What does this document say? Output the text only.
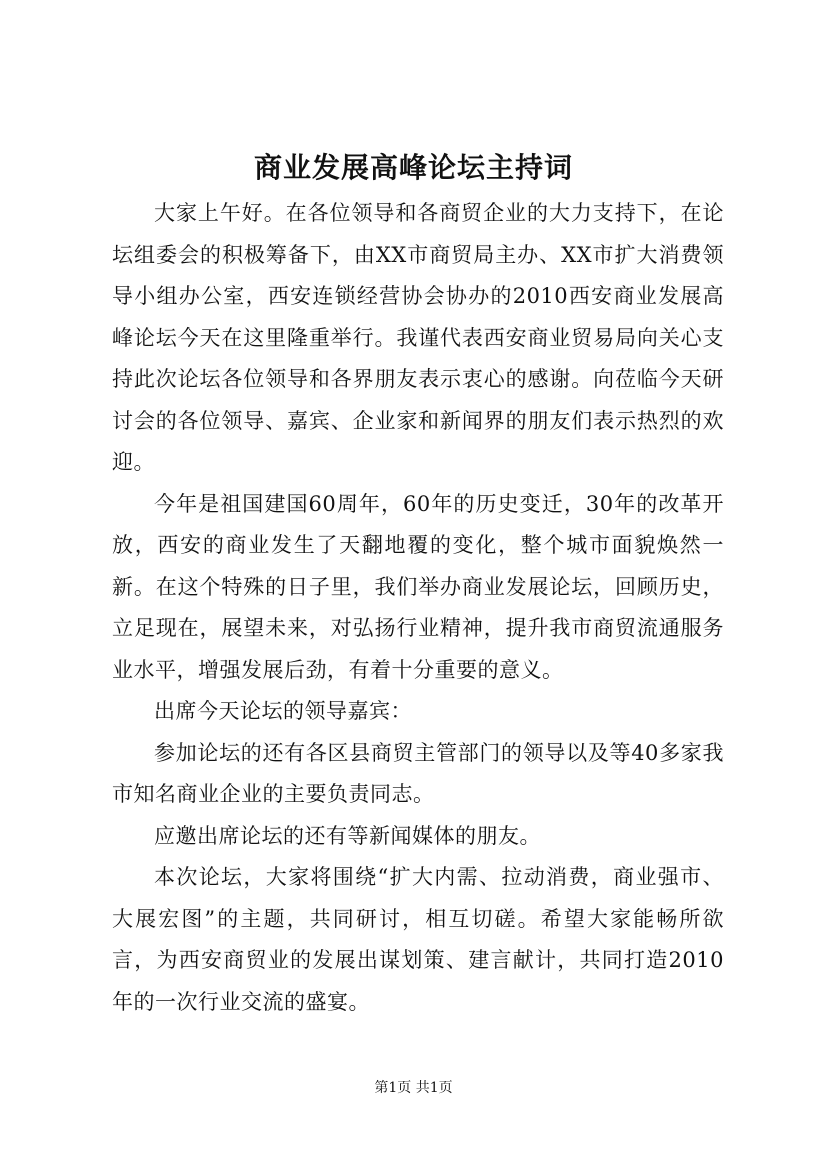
商业发展高峰论坛主持词

大家上午好。在各位领导和各商贸企业的大力支持下，在论坛组委会的积极筹备下，由XX市商贸局主办、XX市扩大消费领导小组办公室，西安连锁经营协会协办的2010西安商业发展高峰论坛今天在这里隆重举行。我谨代表西安商业贸易局向关心支持此次论坛各位领导和各界朋友表示衷心的感谢。向莅临今天研讨会的各位领导、嘉宾、企业家和新闻界的朋友们表示热烈的欢迎。

今年是祖国建国60周年，60年的历史变迁，30年的改革开放，西安的商业发生了天翻地覆的变化，整个城市面貌焕然一新。在这个特殊的日子里，我们举办商业发展论坛，回顾历史，立足现在，展望未来，对弘扬行业精神，提升我市商贸流通服务业水平，增强发展后劲，有着十分重要的意义。

出席今天论坛的领导嘉宾：

参加论坛的还有各区县商贸主管部门的领导以及等40多家我市知名商业企业的主要负责同志。

应邀出席论坛的还有等新闻媒体的朋友。

本次论坛，大家将围绕“扩大内需、拉动消费，商业强市、大展宏图”的主题，共同研讨，相互切磋。希望大家能畅所欲言，为西安商贸业的发展出谋划策、建言献计，共同打造2010年的一次行业交流的盛宴。

第1页 共1页
